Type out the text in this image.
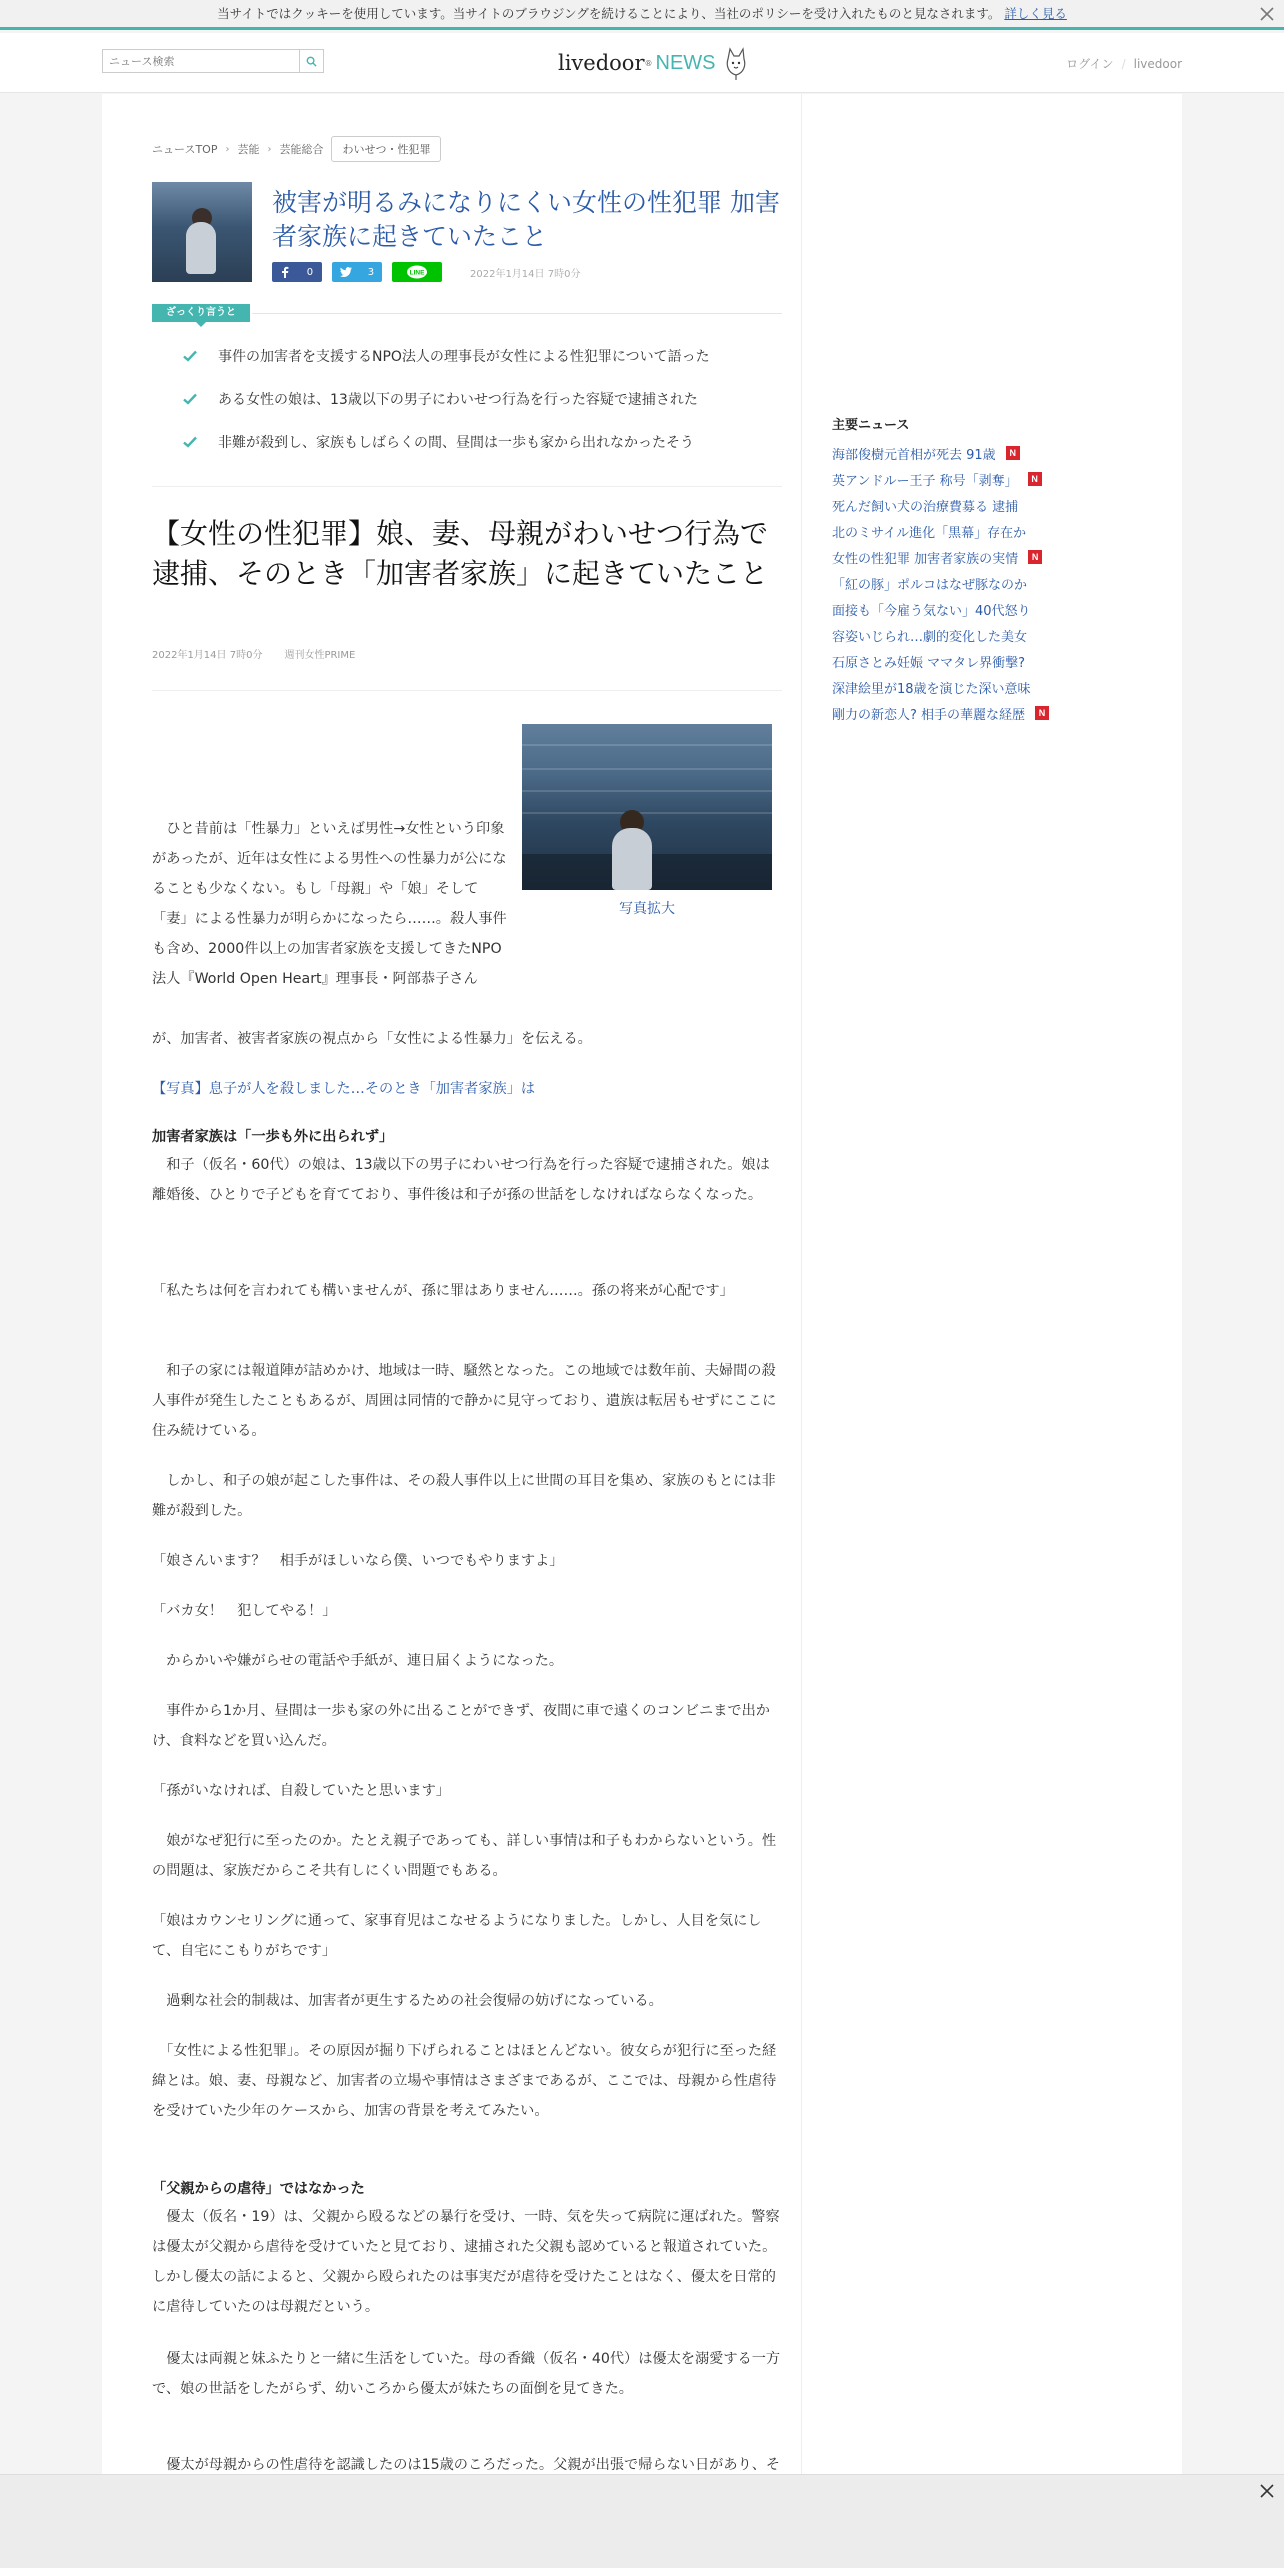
当サイトではクッキーを使用しています。当サイトのブラウジングを続けることにより、当社のポリシーを受け入れたものと見なされます。 詳しく見る
ニュース検索
livedoor ® NEWS	ログイン / livedoor
ニュースTOP › 芸能 › 芸能総合	わいせつ・性犯罪
被害が明るみになりにくい女性の性犯罪 加害者家族に起きていたこと
0	3	LINE	2022年1月14日 7時0分
ざっくり言うと
事件の加害者を支援するNPO法人の理事長が女性による性犯罪について語った
ある女性の娘は、13歳以下の男子にわいせつ行為を行った容疑で逮捕された
非難が殺到し、家族もしばらくの間、昼間は一歩も家から出れなかったそう
【女性の性犯罪】娘、妻、母親がわいせつ行為で逮捕、そのとき「加害者家族」に起きていたこと
2022年1月14日 7時0分 週刊女性PRIME
写真拡大

　ひと昔前は「性暴力」といえば男性→女性という印象があったが、近年は女性による男性への性暴力が公になることも少なくない。もし「母親」や「娘」そして「妻」による性暴力が明らかになったら……。殺人事件も含め、2000件以上の加害者家族を支援してきたNPO法人『World Open Heart』理事長・阿部恭子さん

が、加害者、被害者家族の視点から「女性による性暴力」を伝える。

【写真】息子が人を殺しました…そのとき「加害者家族」は
加害者家族は「一歩も外に出られず」

　和子（仮名・60代）の娘は、13歳以下の男子にわいせつ行為を行った容疑で逮捕された。娘は離婚後、ひとりで子どもを育てており、事件後は和子が孫の世話をしなければならなくなった。

「私たちは何を言われても構いませんが、孫に罪はありません……。孫の将来が心配です」

　和子の家には報道陣が詰めかけ、地域は一時、騒然となった。この地域では数年前、夫婦間の殺人事件が発生したこともあるが、周囲は同情的で静かに見守っており、遺族は転居もせずにここに住み続けている。

　しかし、和子の娘が起こした事件は、その殺人事件以上に世間の耳目を集め、家族のもとには非難が殺到した。

「娘さんいます？　相手がほしいなら僕、いつでもやりますよ」

「バカ女！　犯してやる！」

　からかいや嫌がらせの電話や手紙が、連日届くようになった。

　事件から1か月、昼間は一歩も家の外に出ることができず、夜間に車で遠くのコンビニまで出かけ、食料などを買い込んだ。

「孫がいなければ、自殺していたと思います」

　娘がなぜ犯行に至ったのか。たとえ親子であっても、詳しい事情は和子もわからないという。性の問題は、家族だからこそ共有しにくい問題でもある。

「娘はカウンセリングに通って、家事育児はこなせるようになりました。しかし、人目を気にして、自宅にこもりがちです」

　過剰な社会的制裁は、加害者が更生するための社会復帰の妨げになっている。

　「女性による性犯罪」。その原因が掘り下げられることはほとんどない。彼女らが犯行に至った経緯とは。娘、妻、母親など、加害者の立場や事情はさまざまであるが、ここでは、母親から性虐待を受けていた少年のケースから、加害の背景を考えてみたい。

「父親からの虐待」ではなかった

　優太（仮名・19）は、父親から殴るなどの暴行を受け、一時、気を失って病院に運ばれた。警察は優太が父親から虐待を受けていたと見ており、逮捕された父親も認めていると報道されていた。しかし優太の話によると、父親から殴られたのは事実だが虐待を受けたことはなく、優太を日常的に虐待していたのは母親だという。

　優太は両親と妹ふたりと一緒に生活をしていた。母の香織（仮名・40代）は優太を溺愛する一方で、娘の世話をしたがらず、幼いころから優太が妹たちの面倒を見てきた。

　優太が母親からの性虐待を認識したのは15歳のころだった。父親が出張で帰らない日があり、そ

主要ニュース
海部俊樹元首相が死去 91歳	N
英アンドルー王子 称号「剥奪」	N
死んだ飼い犬の治療費募る 逮捕
北のミサイル進化「黒幕」存在か
女性の性犯罪 加害者家族の実情	N
「紅の豚」ポルコはなぜ豚なのか
面接も「今雇う気ない」40代怒り
容姿いじられ…劇的変化した美女
石原さとみ妊娠 ママタレ界衝撃?
深津絵里が18歳を演じた深い意味
剛力の新恋人? 相手の華麗な経歴	N
